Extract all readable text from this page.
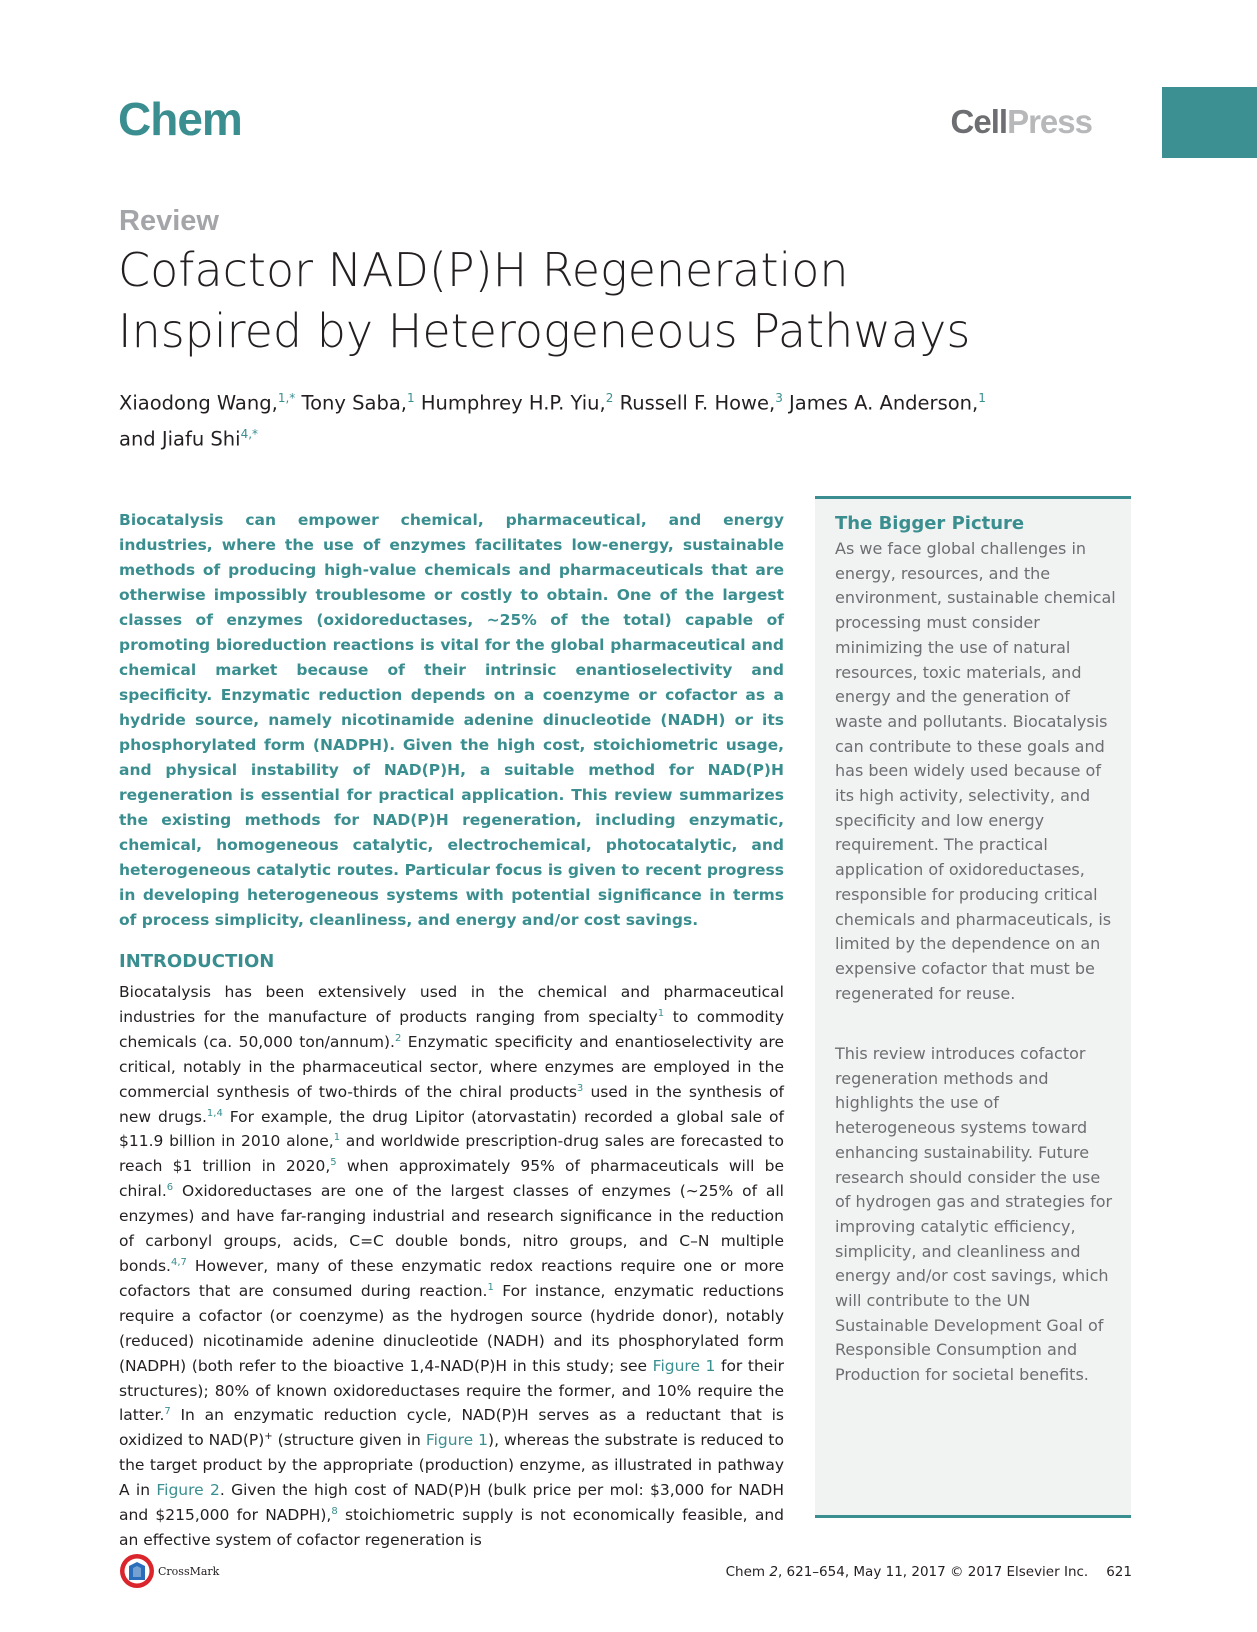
Chem	CellPress
Review
Cofactor NAD(P)H Regeneration
Inspired by Heterogeneous Pathways
Xiaodong Wang,$^{1,*}$ Tony Saba,$^1$ Humphrey H.P. Yiu,$^2$ Russell F. Howe,$^3$ James A. Anderson,$^1$
and Jiafu Shi$^{4,*}$

Biocatalysis can empower chemical, pharmaceutical, and energy industries, where the use of enzymes facilitates low-energy, sustainable methods of producing high-value chemicals and pharmaceuticals that are otherwise impossibly troublesome or costly to obtain. One of the largest classes of enzymes (oxidoreductases, ∼25% of the total) capable of promoting bioreduction reactions is vital for the global pharmaceutical and chemical market because of their intrinsic enantioselectivity and specificity. Enzymatic reduction depends on a coenzyme or cofactor as a hydride source, namely nicotinamide adenine dinucleotide (NADH) or its phosphorylated form (NADPH). Given the high cost, stoichiometric usage, and physical instability of NAD(P)H, a suitable method for NAD(P)H regeneration is essential for practical application. This review summarizes the existing methods for NAD(P)H regeneration, including enzymatic, chemical, homogeneous catalytic, electrochemical, photocatalytic, and heterogeneous catalytic routes. Particular focus is given to recent progress in developing heterogeneous systems with potential significance in terms of process simplicity, cleanliness, and energy and/or cost savings.

INTRODUCTION

Biocatalysis has been extensively used in the chemical and pharmaceutical industries for the manufacture of products ranging from specialty$^1$ to commodity chemicals (ca. 50,000 ton/annum).$^2$ Enzymatic specificity and enantioselectivity are critical, notably in the pharmaceutical sector, where enzymes are employed in the commercial synthesis of two-thirds of the chiral products$^3$ used in the synthesis of new drugs.$^{1,4}$ For example, the drug Lipitor (atorvastatin) recorded a global sale of $11.9 billion in 2010 alone,$^1$ and worldwide prescription-drug sales are forecasted to reach $1 trillion in 2020,$^5$ when approximately 95% of pharmaceuticals will be chiral.$^6$ Oxidoreductases are one of the largest classes of enzymes (∼25% of all enzymes) and have far-ranging industrial and research significance in the reduction of carbonyl groups, acids, C=C double bonds, nitro groups, and C–N multiple bonds.$^{4,7}$ However, many of these enzymatic redox reactions require one or more cofactors that are consumed during reaction.$^1$ For instance, enzymatic reductions require a cofactor (or coenzyme) as the hydrogen source (hydride donor), notably (reduced) nicotinamide adenine dinucleotide (NADH) and its phosphorylated form (NADPH) (both refer to the bioactive 1,4-NAD(P)H in this study; see Figure 1 for their structures); 80% of known oxidoreductases require the former, and 10% require the latter.$^7$ In an enzymatic reduction cycle, NAD(P)H serves as a reductant that is oxidized to NAD(P)+ (structure given in Figure 1), whereas the substrate is reduced to the target product by the appropriate (production) enzyme, as illustrated in pathway A in Figure 2. Given the high cost of NAD(P)H (bulk price per mol: $3,000 for NADH and $215,000 for NADPH),$^8$ stoichiometric supply is not economically feasible, and an effective system of cofactor regeneration is

The Bigger Picture

As we face global challenges in energy, resources, and the environment, sustainable chemical processing must consider minimizing the use of natural resources, toxic materials, and energy and the generation of waste and pollutants. Biocatalysis can contribute to these goals and has been widely used because of its high activity, selectivity, and specificity and low energy requirement. The practical application of oxidoreductases, responsible for producing critical chemicals and pharmaceuticals, is limited by the dependence on an expensive cofactor that must be regenerated for reuse.

This review introduces cofactor regeneration methods and highlights the use of heterogeneous systems toward enhancing sustainability. Future research should consider the use of hydrogen gas and strategies for improving catalytic efficiency, simplicity, and cleanliness and energy and/or cost savings, which will contribute to the UN Sustainable Development Goal of Responsible Consumption and Production for societal benefits.

CrossMark	Chem 2, 621–654, May 11, 2017 © 2017 Elsevier Inc. 621
